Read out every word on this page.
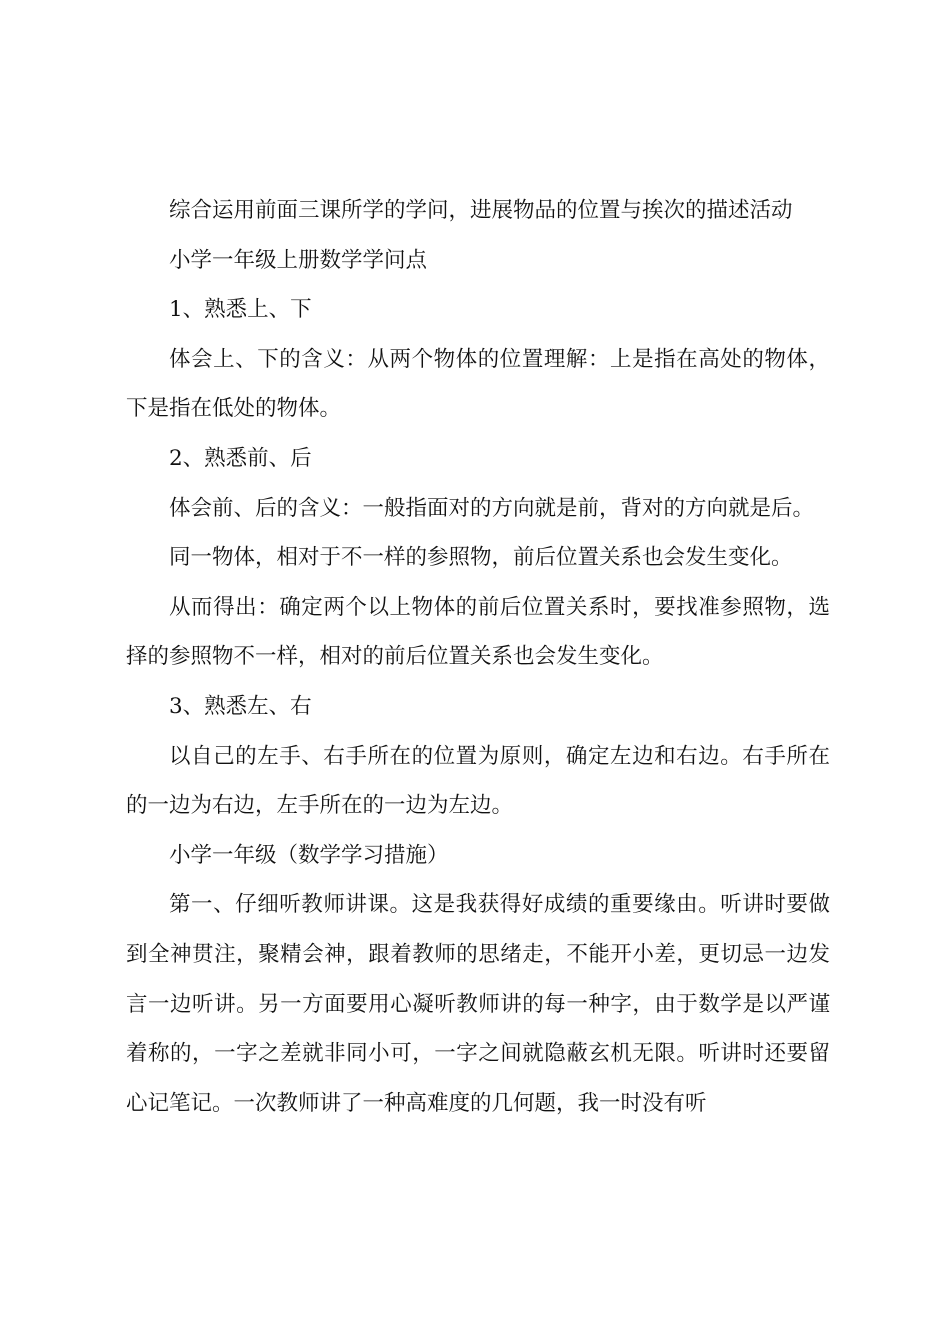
综合运用前面三课所学的学问，进展物品的位置与挨次的描述活动

小学一年级上册数学学问点

1、熟悉上、下

体会上、下的含义：从两个物体的位置理解：上是指在高处的物体，下是指在低处的物体。

2、熟悉前、后

体会前、后的含义：一般指面对的方向就是前，背对的方向就是后。

同一物体，相对于不一样的参照物，前后位置关系也会发生变化。

从而得出：确定两个以上物体的前后位置关系时，要找准参照物，选择的参照物不一样，相对的前后位置关系也会发生变化。

3、熟悉左、右

以自己的左手、右手所在的位置为原则，确定左边和右边。右手所在的一边为右边，左手所在的一边为左边。

小学一年级（数学学习措施）

第一、仔细听教师讲课。这是我获得好成绩的重要缘由。听讲时要做到全神贯注，聚精会神，跟着教师的思绪走，不能开小差，更切忌一边发言一边听讲。另一方面要用心凝听教师讲的每一种字，由于数学是以严谨着称的，一字之差就非同小可，一字之间就隐蔽玄机无限。听讲时还要留心记笔记。一次教师讲了一种高难度的几何题，我一时没有听
